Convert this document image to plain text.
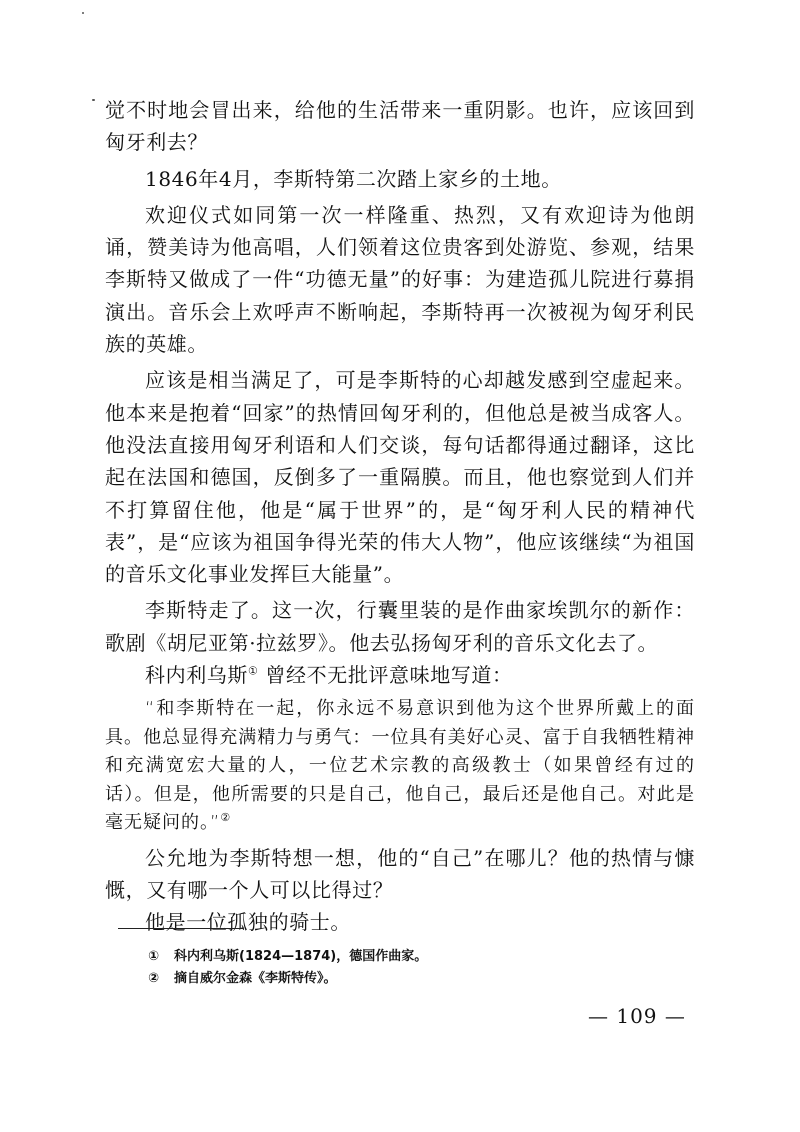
觉不时地会冒出来，给他的生活带来一重阴影。也许，应该回到匈牙利去？

1846年4月，李斯特第二次踏上家乡的土地。

欢迎仪式如同第一次一样隆重、热烈，又有欢迎诗为他朗诵，赞美诗为他高唱，人们领着这位贵客到处游览、参观，结果李斯特又做成了一件“功德无量”的好事：为建造孤儿院进行募捐演出。音乐会上欢呼声不断响起，李斯特再一次被视为匈牙利民族的英雄。

应该是相当满足了，可是李斯特的心却越发感到空虚起来。他本来是抱着“回家”的热情回匈牙利的，但他总是被当成客人。他没法直接用匈牙利语和人们交谈，每句话都得通过翻译，这比起在法国和德国，反倒多了一重隔膜。而且，他也察觉到人们并不打算留住他，他是“属于世界”的，是“匈牙利人民的精神代表”，是“应该为祖国争得光荣的伟大人物”，他应该继续“为祖国的音乐文化事业发挥巨大能量”。

李斯特走了。这一次，行囊里装的是作曲家埃凯尔的新作：歌剧《胡尼亚第·拉兹罗》。他去弘扬匈牙利的音乐文化去了。

科内利乌斯① 曾经不无批评意味地写道：

“和李斯特在一起，你永远不易意识到他为这个世界所戴上的面具。他总显得充满精力与勇气：一位具有美好心灵、富于自我牺牲精神和充满宽宏大量的人，一位艺术宗教的高级教士（如果曾经有过的话）。但是，他所需要的只是自己，他自己，最后还是他自己。对此是毫无疑问的。”②

公允地为李斯特想一想，他的“自己”在哪儿？他的热情与慷慨，又有哪一个人可以比得过？

他是一位孤独的骑士。

① 科内利乌斯(1824—1874)，德国作曲家。
② 摘自威尔金森《李斯特传》。
— 109 —
